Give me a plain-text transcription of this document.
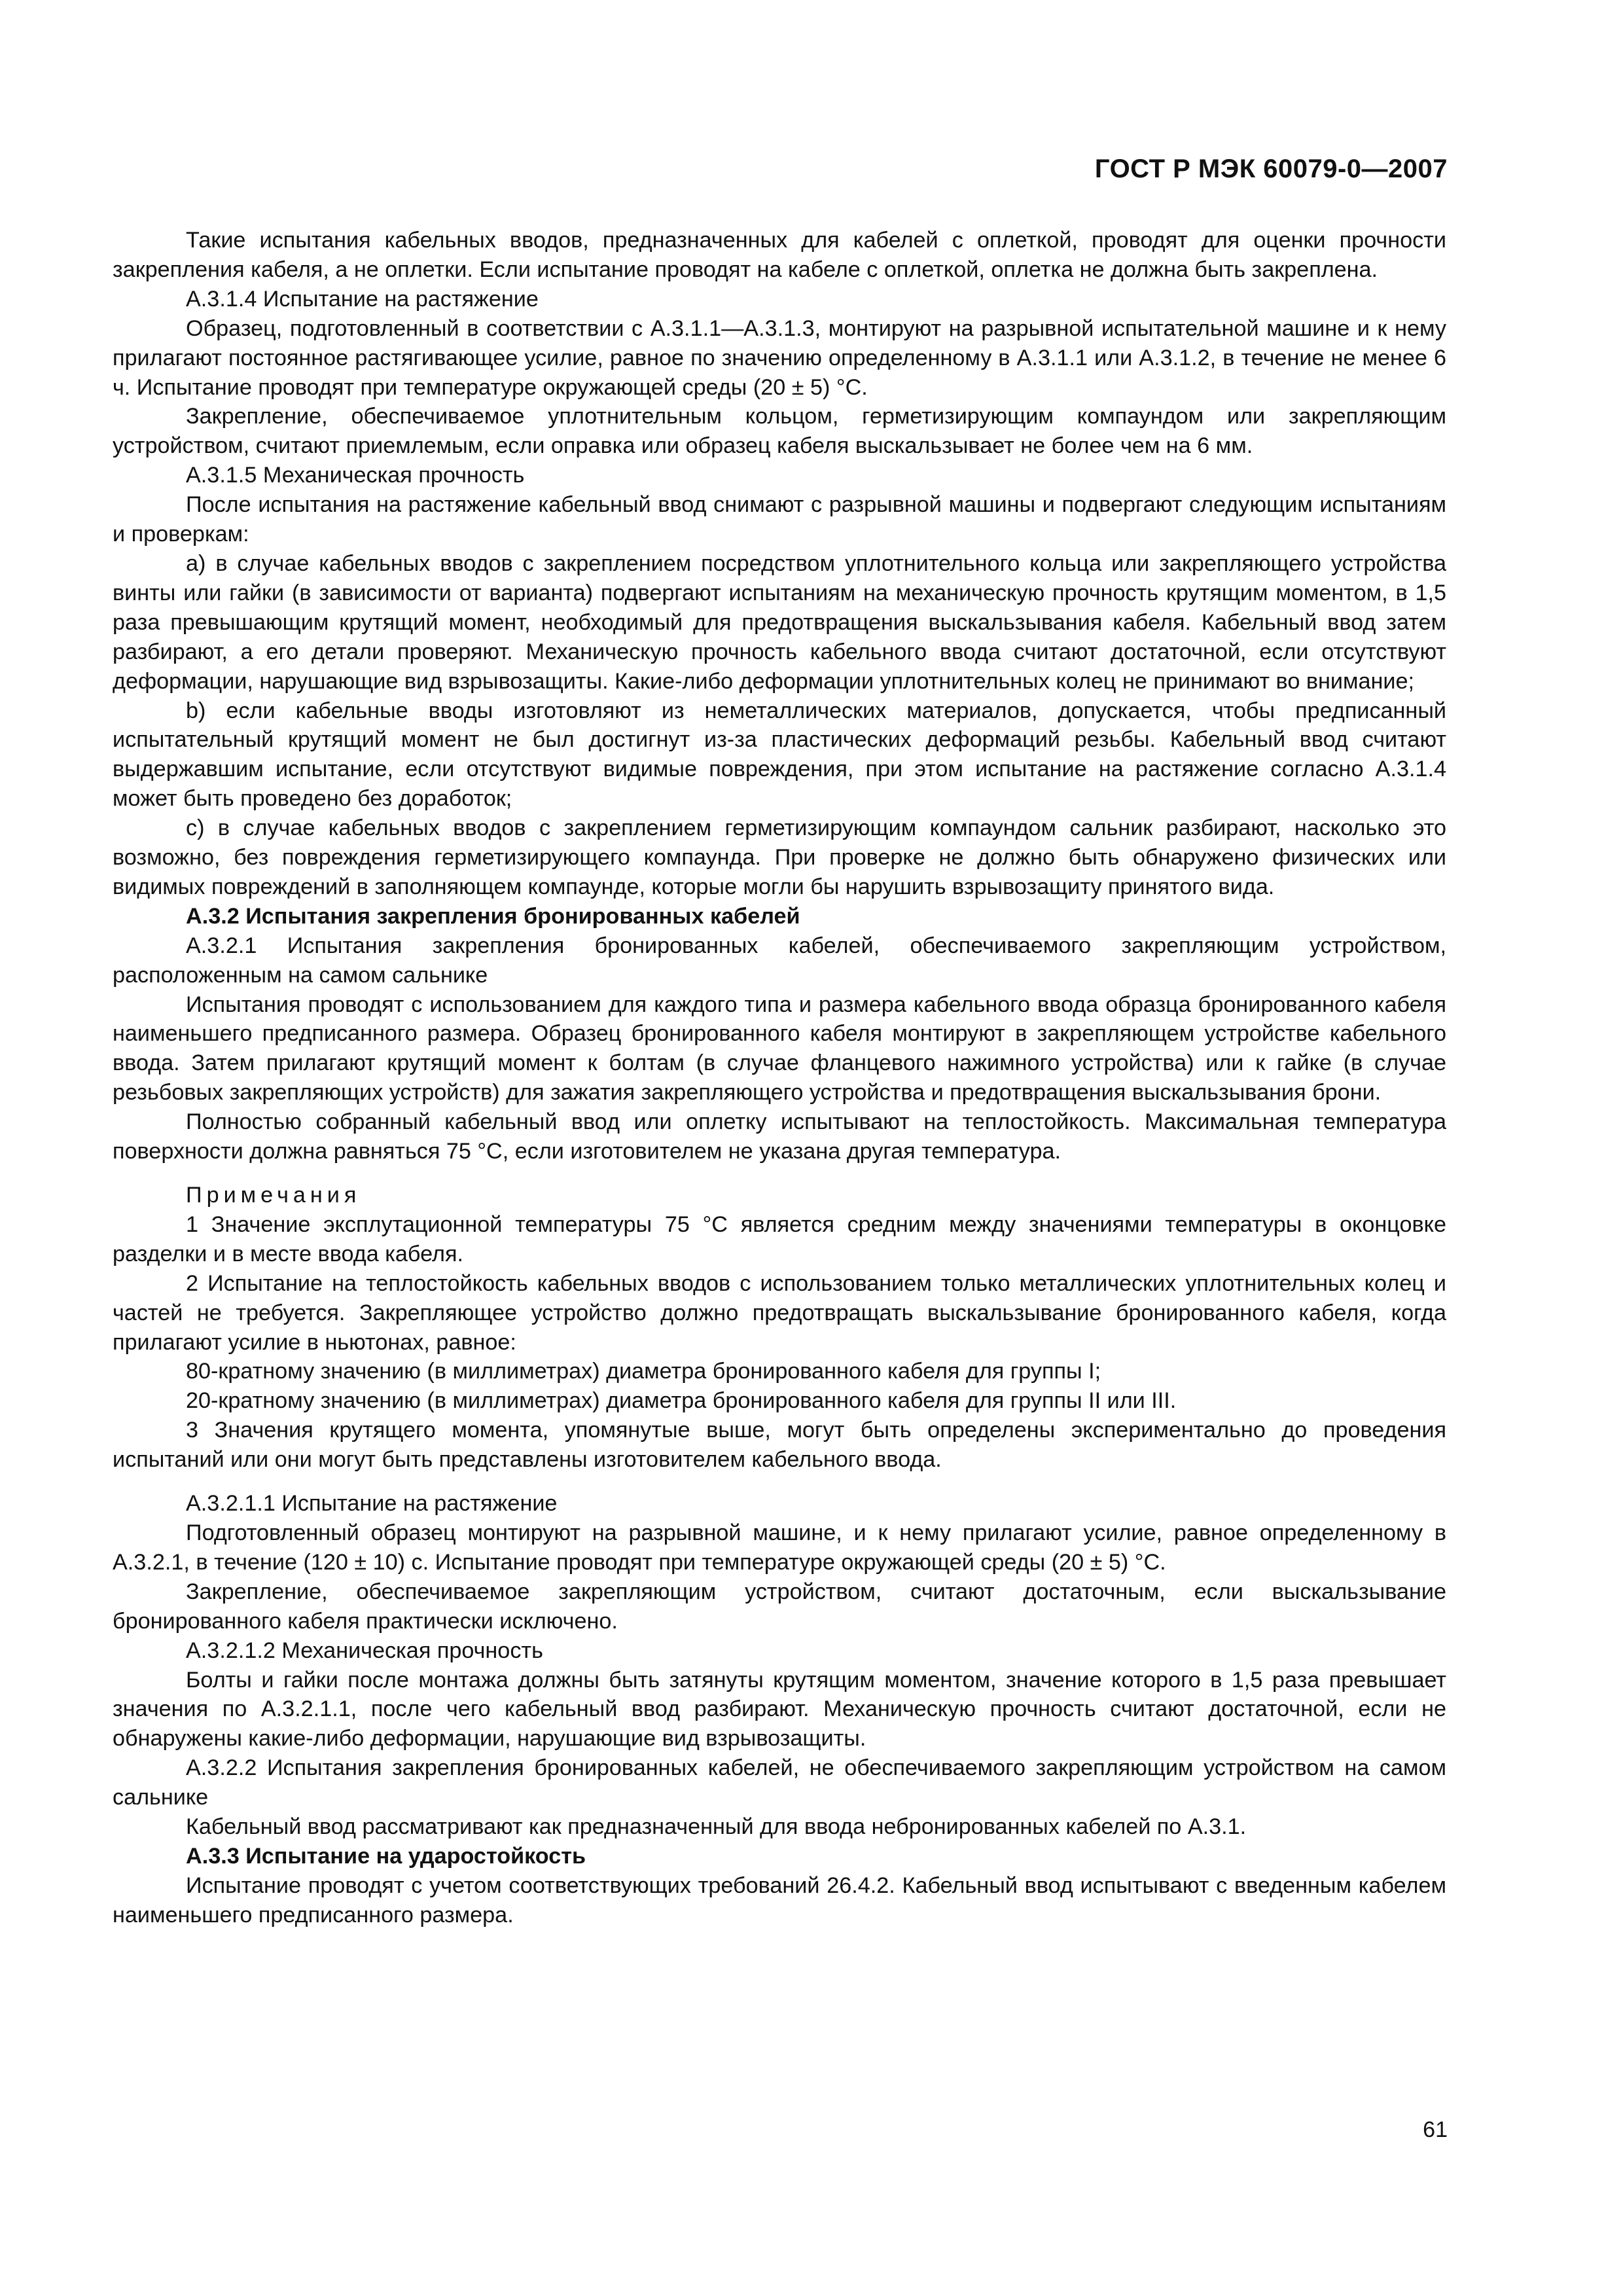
ГОСТ Р МЭК 60079-0—2007

Такие испытания кабельных вводов, предназначенных для кабелей с оплеткой, проводят для оценки прочности закрепления кабеля, а не оплетки. Если испытание проводят на кабеле с оплеткой, оплетка не должна быть закреплена.

А.3.1.4 Испытание на растяжение

Образец, подготовленный в соответствии с А.3.1.1—А.3.1.3, монтируют на разрывной испытательной машине и к нему прилагают постоянное растягивающее усилие, равное по значению определенному в А.3.1.1 или А.3.1.2, в течение не менее 6 ч. Испытание проводят при температуре окружающей среды (20 ± 5) °С.

Закрепление, обеспечиваемое уплотнительным кольцом, герметизирующим компаундом или закрепляющим устройством, считают приемлемым, если оправка или образец кабеля выскальзывает не более чем на 6 мм.

А.3.1.5 Механическая прочность

После испытания на растяжение кабельный ввод снимают с разрывной машины и подвергают следующим испытаниям и проверкам:

a) в случае кабельных вводов с закреплением посредством уплотнительного кольца или закрепляющего устройства винты или гайки (в зависимости от варианта) подвергают испытаниям на механическую прочность крутящим моментом, в 1,5 раза превышающим крутящий момент, необходимый для предотвращения выскальзывания кабеля. Кабельный ввод затем разбирают, а его детали проверяют. Механическую прочность кабельного ввода считают достаточной, если отсутствуют деформации, нарушающие вид взрывозащиты. Какие-либо деформации уплотнительных колец не принимают во внимание;

b) если кабельные вводы изготовляют из неметаллических материалов, допускается, чтобы предписанный испытательный крутящий момент не был достигнут из-за пластических деформаций резьбы. Кабельный ввод считают выдержавшим испытание, если отсутствуют видимые повреждения, при этом испытание на растяжение согласно А.3.1.4 может быть проведено без доработок;

c) в случае кабельных вводов с закреплением герметизирующим компаундом сальник разбирают, насколько это возможно, без повреждения герметизирующего компаунда. При проверке не должно быть обнаружено физических или видимых повреждений в заполняющем компаунде, которые могли бы нарушить взрывозащиту принятого вида.

А.3.2 Испытания закрепления бронированных кабелей

А.3.2.1 Испытания закрепления бронированных кабелей, обеспечиваемого закрепляющим устройством, расположенным на самом сальнике

Испытания проводят с использованием для каждого типа и размера кабельного ввода образца бронированного кабеля наименьшего предписанного размера. Образец бронированного кабеля монтируют в закрепляющем устройстве кабельного ввода. Затем прилагают крутящий момент к болтам (в случае фланцевого нажимного устройства) или к гайке (в случае резьбовых закрепляющих устройств) для зажатия закрепляющего устройства и предотвращения выскальзывания брони.

Полностью собранный кабельный ввод или оплетку испытывают на теплостойкость. Максимальная температура поверхности должна равняться 75 °С, если изготовителем не указана другая температура.

Примечания

1 Значение эксплутационной температуры 75 °С является средним между значениями температуры в оконцовке разделки и в месте ввода кабеля.

2 Испытание на теплостойкость кабельных вводов с использованием только металлических уплотнительных колец и частей не требуется. Закрепляющее устройство должно предотвращать выскальзывание бронированного кабеля, когда прилагают усилие в ньютонах, равное:

80-кратному значению (в миллиметрах) диаметра бронированного кабеля для группы I;

20-кратному значению (в миллиметрах) диаметра бронированного кабеля для группы II или III.

3 Значения крутящего момента, упомянутые выше, могут быть определены экспериментально до проведения испытаний или они могут быть представлены изготовителем кабельного ввода.

А.3.2.1.1 Испытание на растяжение

Подготовленный образец монтируют на разрывной машине, и к нему прилагают усилие, равное определенному в А.3.2.1, в течение (120 ± 10) с. Испытание проводят при температуре окружающей среды (20 ± 5) °С.

Закрепление, обеспечиваемое закрепляющим устройством, считают достаточным, если выскальзывание бронированного кабеля практически исключено.

А.3.2.1.2 Механическая прочность

Болты и гайки после монтажа должны быть затянуты крутящим моментом, значение которого в 1,5 раза превышает значения по А.3.2.1.1, после чего кабельный ввод разбирают. Механическую прочность считают достаточной, если не обнаружены какие-либо деформации, нарушающие вид взрывозащиты.

А.3.2.2 Испытания закрепления бронированных кабелей, не обеспечиваемого закрепляющим устройством на самом сальнике

Кабельный ввод рассматривают как предназначенный для ввода небронированных кабелей по А.3.1.

А.3.3 Испытание на ударостойкость

Испытание проводят с учетом соответствующих требований 26.4.2. Кабельный ввод испытывают с введенным кабелем наименьшего предписанного размера.

61
